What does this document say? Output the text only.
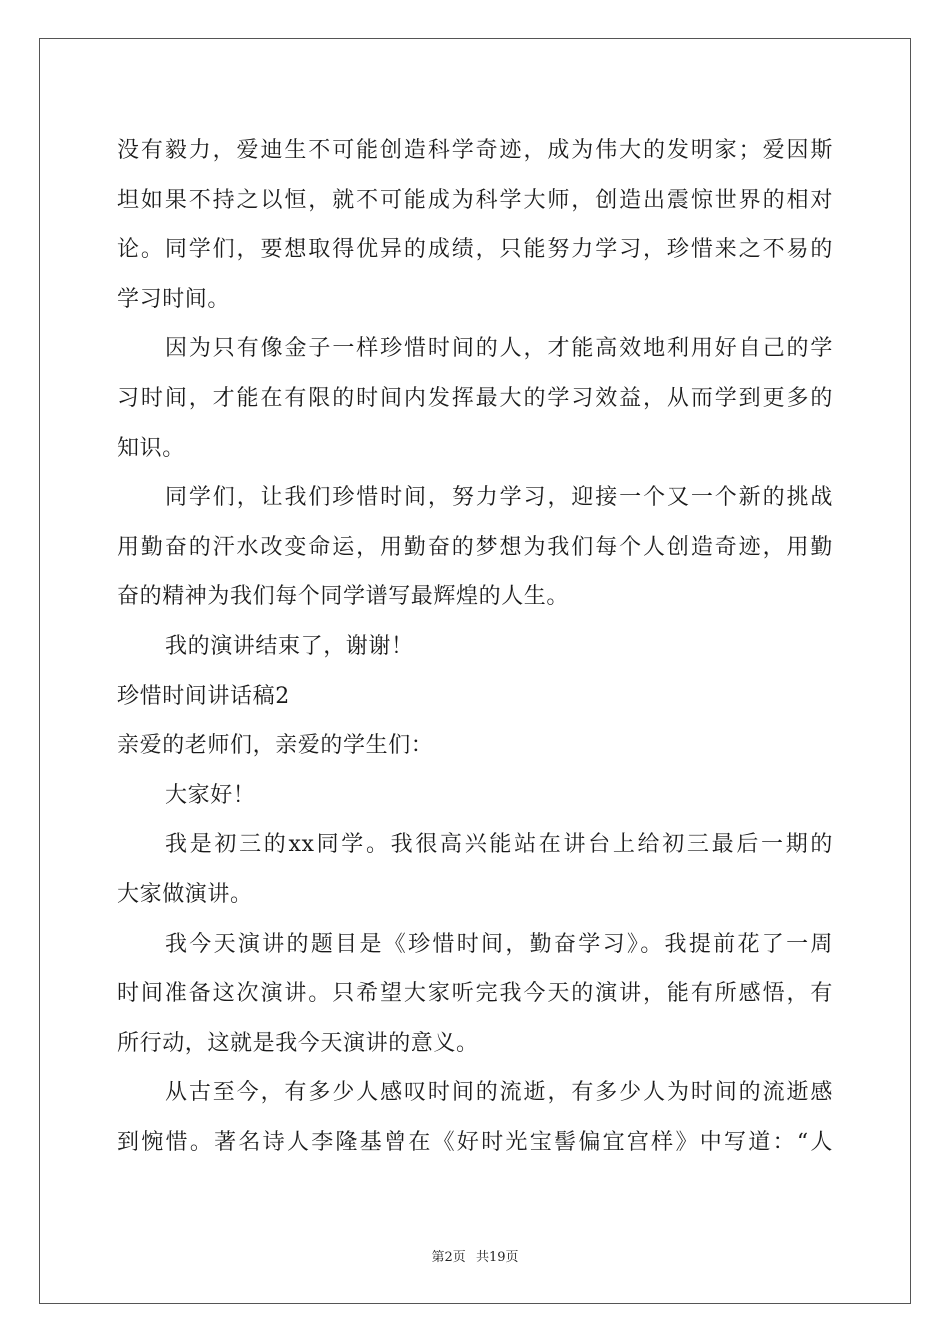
没有毅力，爱迪生不可能创造科学奇迹，成为伟大的发明家；爱因斯
坦如果不持之以恒，就不可能成为科学大师，创造出震惊世界的相对
论。同学们，要想取得优异的成绩，只能努力学习，珍惜来之不易的
学习时间。
因为只有像金子一样珍惜时间的人，才能高效地利用好自己的学
习时间，才能在有限的时间内发挥最大的学习效益，从而学到更多的
知识。
同学们，让我们珍惜时间，努力学习，迎接一个又一个新的挑战
用勤奋的汗水改变命运，用勤奋的梦想为我们每个人创造奇迹，用勤
奋的精神为我们每个同学谱写最辉煌的人生。
我的演讲结束了，谢谢！
珍惜时间讲话稿2
亲爱的老师们，亲爱的学生们：
大家好！
我是初三的xx同学。我很高兴能站在讲台上给初三最后一期的
大家做演讲。
我今天演讲的题目是《珍惜时间，勤奋学习》。我提前花了一周
时间准备这次演讲。只希望大家听完我今天的演讲，能有所感悟，有
所行动，这就是我今天演讲的意义。
从古至今，有多少人感叹时间的流逝，有多少人为时间的流逝感
到惋惜。著名诗人李隆基曾在《好时光宝髻偏宜宫样》中写道：“人
第2页 共19页
